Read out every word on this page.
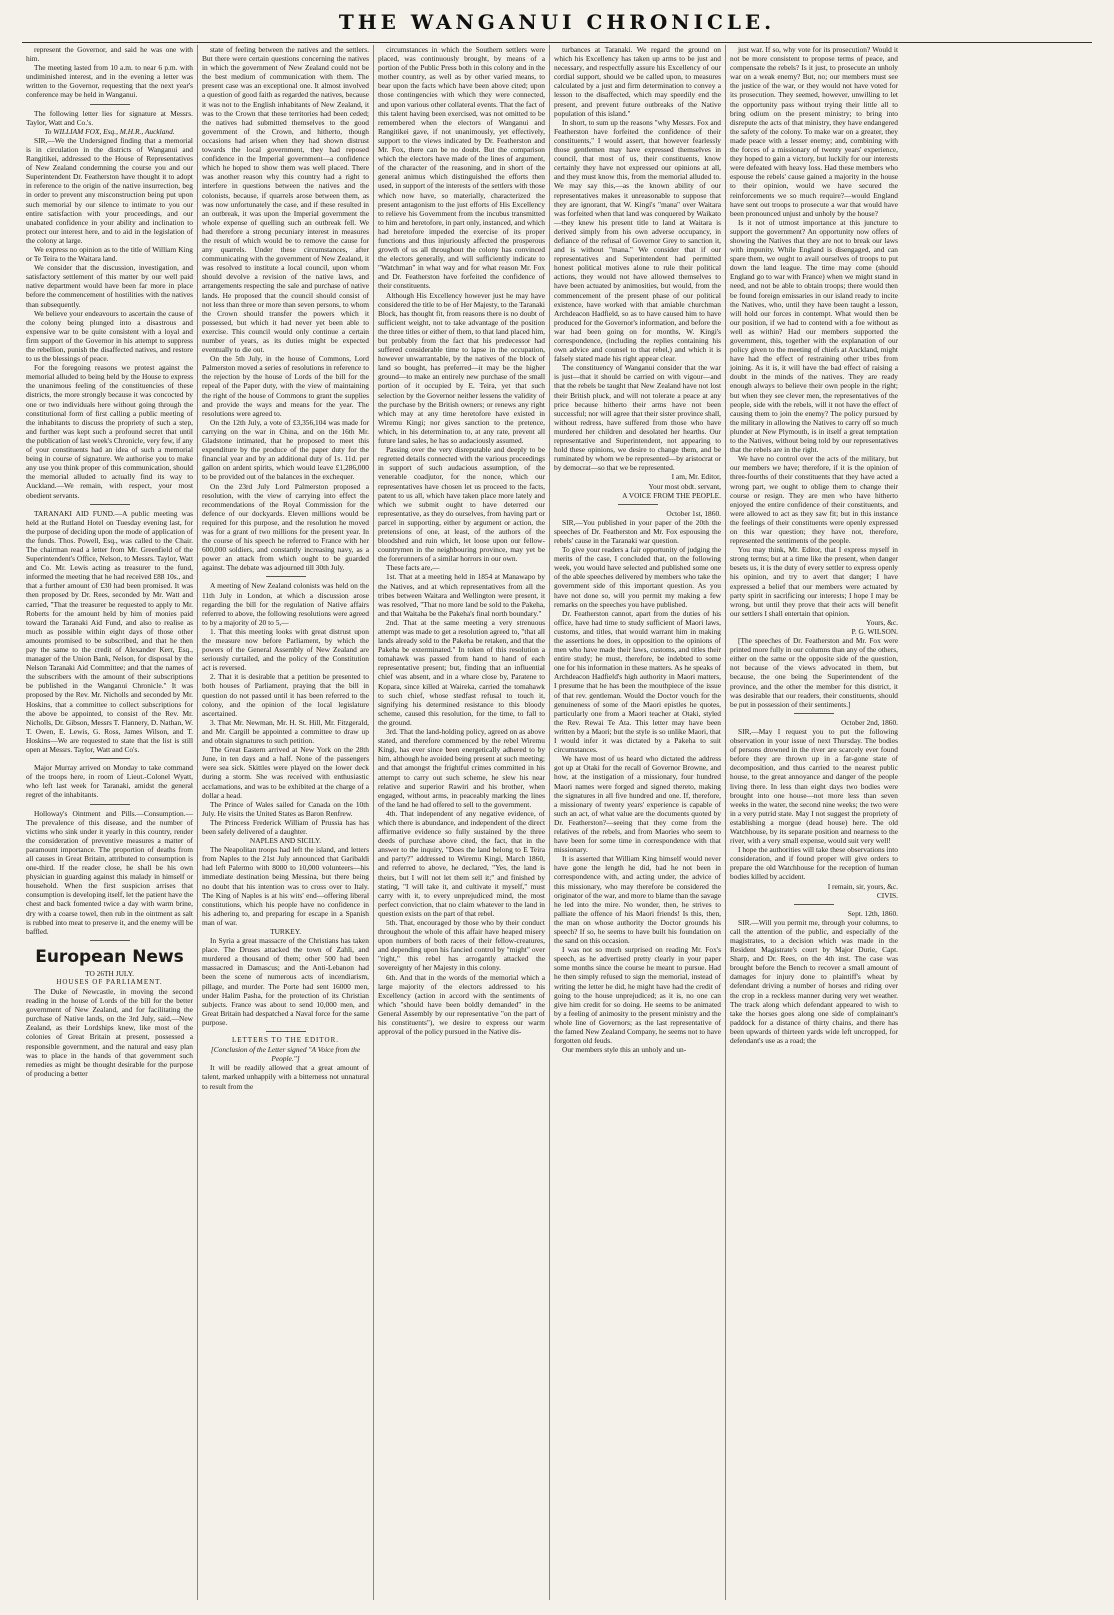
THE WANGANUI CHRONICLE.

represent the Governor, and said he was one with him.

The meeting lasted from 10 a.m. to near 6 p.m. with undiminished interest, and in the evening a letter was written to the Governor, requesting that the next year's conference may be held in Wanganui.

The following letter lies for signature at Messrs. Taylor, Watt and Co.'s.

To WILLIAM FOX, Esq., M.H.R., Auckland.

SIR,—We the Undersigned finding that a memorial is in circulation in the districts of Wanganui and Rangitikei, addressed to the House of Representatives of New Zealand condemning the course you and our Superintendent Dr. Featherston have thought it to adopt in reference to the origin of the native insurrection, beg in order to prevent any misconstruction being put upon such memorial by our silence to intimate to you our entire satisfaction with your proceedings, and our unabated confidence in your ability and inclination to protect our interest here, and to aid in the legislation of the colony at large.

We express no opinion as to the title of William King or Te Teira to the Waitara land.

We consider that the discussion, investigation, and satisfactory settlement of this matter by our well paid native department would have been far more in place before the commencement of hostilities with the natives than subsequently.

We believe your endeavours to ascertain the cause of the colony being plunged into a disastrous and expensive war to be quite consistent with a loyal and firm support of the Governor in his attempt to suppress the rebellion, punish the disaffected natives, and restore to us the blessings of peace.

For the foregoing reasons we protest against the memorial alluded to being held by the House to express the unanimous feeling of the constituencies of these districts, the more strongly because it was concocted by one or two individuals here without going through the constitutional form of first calling a public meeting of the inhabitants to discuss the propriety of such a step, and further was kept such a profound secret that until the publication of last week's Chronicle, very few, if any of your constituents had an idea of such a memorial being in course of signature. We authorise you to make any use you think proper of this communication, should the memorial alluded to actually find its way to Auckland.—We remain, with respect, your most obedient servants.

TARANAKI AID FUND.—A public meeting was held at the Rutland Hotel on Tuesday evening last, for the purpose of deciding upon the mode of application of the funds. Thos. Powell, Esq., was called to the Chair. The chairman read a letter from Mr. Greenfield of the Superintendent's Office, Nelson, to Messrs. Taylor, Watt and Co. Mr. Lewis acting as treasurer to the fund, informed the meeting that he had received £88 10s., and that a further amount of £30 had been promised. It was then proposed by Dr. Rees, seconded by Mr. Watt and carried, "That the treasurer be requested to apply to Mr. Roberts for the amount held by him of monies paid toward the Taranaki Aid Fund, and also to realise as much as possible within eight days of those other amounts promised to be subscribed, and that he then pay the same to the credit of Alexander Kerr, Esq., manager of the Union Bank, Nelson, for disposal by the Nelson Taranaki Aid Committee; and that the names of the subscribers with the amount of their subscriptions be published in the Wanganui Chronicle." It was proposed by the Rev. Mr. Nicholls and seconded by Mr. Hoskins, that a committee to collect subscriptions for the above be appointed, to consist of the Rev. Mr. Nicholls, Dr. Gibson, Messrs T. Flannery, D. Nathan, W. T. Owen, E. Lewis, G. Ross, James Wilson, and T. Hoskins—We are requested to state that the list is still open at Messrs. Taylor, Watt and Co's.

Major Murray arrived on Monday to take command of the troops here, in room of Lieut.-Colonel Wyatt, who left last week for Taranaki, amidst the general regret of the inhabitants.

Holloway's Ointment and Pills.—Consumption.—The prevalence of this disease, and the number of victims who sink under it yearly in this country, render the consideration of preventive measures a matter of paramount importance. The proportion of deaths from all causes in Great Britain, attributed to consumption is one-third. If the reader close, he shall be his own physician in guarding against this malady in himself or household. When the first suspicion arrises that consumption is developing itself, let the patient have the chest and back fomented twice a day with warm brine, dry with a coarse towel, then rub in the ointment as salt is rubbed into meat to preserve it, and the enemy will be baffled.

European News

TO 26TH JULY.

HOUSES OF PARLIAMENT.

The Duke of Newcastle, in moving the second reading in the house of Lords of the bill for the better government of New Zealand, and for facilitating the purchase of Native lands, on the 3rd July, said,—New Zealand, as their Lordships knew, like most of the colonies of Great Britain at present, possessed a responsible government, and the natural and easy plan was to place in the hands of that government such remedies as might be thought desirable for the purpose of producing a better

state of feeling between the natives and the settlers. But there were certain questions concerning the natives in which the government of New Zealand could not be the best medium of communication with them. The present case was an exceptional one. It almost involved a question of good faith as regarded the natives, because it was not to the English inhabitants of New Zealand, it was to the Crown that these territories had been ceded; the natives had submitted themselves to the good government of the Crown, and hitherto, though occasions had arisen when they had shown distrust towards the local government, they had reposed confidence in the Imperial government—a confidence which he hoped to show them was well placed. There was another reason why this country had a right to interfere in questions between the natives and the colonists, because, if quarrels arose between them, as was now unfortunately the case, and if these resulted in an outbreak, it was upon the Imperial government the whole expense of quelling such an outbreak fell. We had therefore a strong pecuniary interest in measures the result of which would be to remove the cause for any quarrels. Under these circumstances, after communicating with the government of New Zealand, it was resolved to institute a local council, upon whom should devolve a revision of the native laws, and arrangements respecting the sale and purchase of native lands. He proposed that the council should consist of not less than three or more than seven persons, to whom the Crown should transfer the powers which it possessed, but which it had never yet been able to exercise. This council would only continue a certain number of years, as its duties might be expected eventually to die out.

On the 5th July, in the house of Commons, Lord Palmerston moved a series of resolutions in reference to the rejection by the house of Lords of the bill for the repeal of the Paper duty, with the view of maintaining the right of the house of Commons to grant the supplies and provide the ways and means for the year. The resolutions were agreed to.

On the 12th July, a vote of £3,356,104 was made for carrying on the war in China, and on the 16th Mr. Gladstone intimated, that he proposed to meet this expenditure by the produce of the paper duty for the financial year and by an additional duty of 1s. 11d. per gallon on ardent spirits, which would leave £1,286,000 to be provided out of the balances in the exchequer.

On the 23rd July Lord Palmerston proposed a resolution, with the view of carrying into effect the recommendations of the Royal Commission for the defence of our dockyards. Eleven millions would be required for this purpose, and the resolution he moved was for a grant of two millions for the present year. In the course of his speech he referred to France with her 600,000 soldiers, and constantly increasing navy, as a power an attack from which ought to be guarded against. The debate was adjourned till 30th July.

A meeting of New Zealand colonists was held on the 11th July in London, at which a discussion arose regarding the bill for the regulation of Native affairs referred to above, the following resolutions were agreed to by a majority of 20 to 5,—

1. That this meeting looks with great distrust upon the measure now before Parliament, by which the powers of the General Assembly of New Zealand are seriously curtailed, and the policy of the Constitution act is reversed.

2. That it is desirable that a petition be presented to both houses of Parliament, praying that the bill in question do not passed until it has been referred to the colony, and the opinion of the local legislature ascertained.

3. That Mr. Newman, Mr. H. St. Hill, Mr. Fitzgerald, and Mr. Cargill be appointed a committee to draw up and obtain signatures to such petition.

The Great Eastern arrived at New York on the 28th June, in ten days and a half. None of the passengers were sea sick. Skittles were played on the lower deck during a storm. She was received with enthusiastic acclamations, and was to be exhibited at the charge of a dollar a head.

The Prince of Wales sailed for Canada on the 10th July. He visits the United States as Baron Renfrew.

The Princess Frederick William of Prussia has has been safely delivered of a daughter.

NAPLES AND SICILY.

The Neapolitan troops had left the island, and letters from Naples to the 21st July announced that Garibaldi had left Palermo with 8000 to 10,000 volunteers—his immediate destination being Messina, but there being no doubt that his intention was to cross over to Italy. The King of Naples is at his wits' end—offering liberal constitutions, which his people have no confidence in his adhering to, and preparing for escape in a Spanish man of war.

TURKEY.

In Syria a great massacre of the Christians has taken place. The Druses attacked the town of Zahli, and murdered a thousand of them; other 500 had been massacred in Damascus; and the Anti-Lebanon had been the scene of numerous acts of incendiarism, pillage, and murder. The Porte had sent 16000 men, under Halim Pasha, for the protection of its Christian subjects. France was about to send 10,000 men, and Great Britain had despatched a Naval force for the same purpose.

LETTERS TO THE EDITOR.

[Conclusion of the Letter signed "A Voice from the People."]

It will be readily allowed that a great amount of talent, marked unhappily with a bitterness not unnatural to result from the

circumstances in which the Southern settlers were placed, was continuously brought, by means of a portion of the Public Press both in this colony and in the mother country, as well as by other varied means, to bear upon the facts which have been above cited; upon those contingencies with which they were connected, and upon various other collateral events. That the fact of this talent having been exercised, was not omitted to be remembered when the electors of Wanganui and Rangitikei gave, if not unanimously, yet effectively, support to the views indicated by Dr. Featherston and Mr. Fox, there can be no doubt. But the comparison which the electors have made of the lines of argument, of the character of the reasoning, and in short of the general animus which distinguished the efforts then used, in support of the interests of the settlers with those which now have, so materially, characterized the present antagonism to the just efforts of His Excellency to relieve his Government from the incubus transmitted to him and heretofore, in part only, instanced, and which had heretofore impeded the exercise of its proper functions and thus injuriously affected the prosperous growth of us all throughout the colony has convinced the electors generally, and will sufficiently indicate to "Watchman" in what way and for what reason Mr. Fox and Dr. Featherston have forfeited the confidence of their constituents.

Although His Excellency however just he may have considered the title to be of Her Majesty, to the Taranaki Block, has thought fit, from reasons there is no doubt of sufficient weight, not to take advantage of the position the three titles or either of them, to that land placed him, but probably from the fact that his predecessor had suffered considerable time to lapse in the occupation, however unwarrantable, by the natives of the block of land so bought, has preferred—it may be the higher ground—to make an entirely new purchase of the small portion of it occupied by E. Teira, yet that such selection by the Governor neither lessens the validity of the purchase by the British owners; or renews any right which may at any time heretofore have existed in Wiremu Kingi; nor gives sanction to the pretence, which, in his determination to, at any rate, prevent all future land sales, he has so audaciously assumed.

Passing over the very disreputable and deeply to be regretted details connected with the various proceedings in support of such audacious assumption, of the venerable coadjutor, for the nonce, which our representatives have chosen let us proceed to the facts, patent to us all, which have taken place more lately and which we submit ought to have deterred our representative, as they do ourselves, from having part or parcel in supporting, either by argument or action, the pretensions of one, at least, of the authors of the bloodshed and ruin which, let loose upon our fellow-countrymen in the neighbouring province, may yet be the forerunners of a similar horrors in our own.

These facts are,—

1st. That at a meeting held in 1854 at Manawapo by the Natives, and at which representatives from all the tribes between Waitara and Wellington were present, it was resolved, "That no more land be sold to the Pakeha, and that Waitaha be the Pakeha's final north boundary."

2nd. That at the same meeting a very strenuous attempt was made to get a resolution agreed to, "that all lands already sold to the Pakeha be retaken, and that the Pakeha be exterminated." In token of this resolution a tomahawk was passed from hand to hand of each representative present; but, finding that an influential chief was absent, and in a whare close by, Paratene to Kopara, since killed at Waireka, carried the tomahawk to such chief, whose stedfast refusal to touch it, signifying his determined resistance to this bloody scheme, caused this resolution, for the time, to fall to the ground.

3rd. That the land-holding policy, agreed on as above stated, and therefore commenced by the rebel Wiremu Kingi, has ever since been energetically adhered to by him, although he avoided being present at such meeting; and that amongst the frightful crimes committed in his attempt to carry out such scheme, he slew his near relative and superior Rawiri and his brother, when engaged, without arms, in peaceably marking the lines of the land he had offered to sell to the government.

4th. That independent of any negative evidence, of which there is abundance, and independent of the direct affirmative evidence so fully sustained by the three deeds of purchase above cited, the fact, that in the answer to the inquiry, "Does the land belong to E Teira and party?" addressed to Wiremu Kingi, March 1860, and referred to above, he declared, "Yes, the land is theirs, but I will not let them sell it;" and finished by stating, "I will take it, and cultivate it myself," must carry with it, to every unprejudiced mind, the most perfect conviction, that no claim whatever to the land in question exists on the part of that rebel.

5th. That, encouraged by those who by their conduct throughout the whole of this affair have heaped misery upon numbers of both races of their fellow-creatures, and depending upon his fancied control by "might" over "right," this rebel has arrogantly attacked the sovereignty of her Majesty in this colony.

6th. And that in the words of the memorial which a large majority of the electors addressed to his Excellency (action in accord with the sentiments of which "should have been boldly demanded" in the General Assembly by our representative "on the part of his constituents"), we desire to express our warm approval of the policy pursued in the Native dis-

turbances at Taranaki. We regard the ground on which his Excellency has taken up arms to be just and necessary, and respectfully assure his Excellency of our cordial support, should we be called upon, to measures calculated by a just and firm determination to convey a lesson to the disaffected, which may speedily end the present, and prevent future outbreaks of the Native population of this island."

In short, to sum up the reasons "why Messrs. Fox and Featherston have forfeited the confidence of their constituents," I would assert, that however fearlessly those gentlemen may have expressed themselves in council, that most of us, their constituents, know certainly they have not expressed our opinions at all, and they must know this, from the memorial alluded to. We may say this,—as the known ability of our representatives makes it unreasonable to suppose that they are ignorant, that W. Kingi's "mana" over Waitara was forfeited when that land was conquered by Waikato—they knew his present title to land at Waitara is derived simply from his own adverse occupancy, in defiance of the refusal of Governor Grey to sanction it, and is without "mana." We consider that if our representatives and Superintendent had permitted honest political motives alone to rule their political actions, they would not have allowed themselves to have been actuated by animosities, but would, from the commencement of the present phase of our political existence, have worked with that amiable churchman Archdeacon Hadfield, so as to have caused him to have produced for the Governor's information, and before the war had been going on for months, W. Kingi's correspondence, (including the replies containing his own advice and counsel to that rebel,) and which it is falsely stated made his right appear clear.

The constituency of Wanganui consider that the war is just—that it should be carried on with vigour—and that the rebels be taught that New Zealand have not lost their British pluck, and will not tolerate a peace at any price because hitherto their arms have not been successful; nor will agree that their sister province shall, without redress, have suffered from those who have murdered her children and desolated her hearths. Our representative and Superintendent, not appearing to hold these opinions, we desire to change them, and be ruminated by whom we be represented—by aristocrat or by democrat—so that we be represented.

I am, Mr. Editor,

Your most obdt. servant,

A VOICE FROM THE PEOPLE.

October 1st, 1860.

SIR,—You published in your paper of the 20th the speeches of Dr. Featherston and Mr. Fox espousing the rebels' cause in the Taranaki war question.

To give your readers a fair opportunity of judging the merits of the case, I concluded that, on the following week, you would have selected and published some one of the able speeches delivered by members who take the government side of this important question. As you have not done so, will you permit my making a few remarks on the speeches you have published.

Dr. Featherston cannot, apart from the duties of his office, have had time to study sufficient of Maori laws, customs, and titles, that would warrant him in making the assertions he does, in opposition to the opinions of men who have made their laws, customs, and titles their entire study; he must, therefore, be indebted to some one for his information in these matters. As he speaks of Archdeacon Hadfield's high authority in Maori matters, I presume that he has been the mouthpiece of the issue of that rev. gentleman. Would the Doctor vouch for the genuineness of some of the Maori epistles he quotes, particularly one from a Maori teacher at Otaki, styled the Rev. Rewai Te Ata. This letter may have been written by a Maori; but the style is so unlike Maori, that I would infer it was dictated by a Pakeha to suit circumstances.

We have most of us heard who dictated the address got up at Otaki for the recall of Governor Browne, and how, at the instigation of a missionary, four hundred Maori names were forged and signed thereto, making the signatures in all five hundred and one. If, therefore, a missionary of twenty years' experience is capable of such an act, of what value are the documents quoted by Dr. Featherston?—seeing that they come from the relatives of the rebels, and from Maories who seem to have been for some time in correspondence with that missionary.

It is asserted that William King himself would never have gone the length he did, had he not been in correspondence with, and acting under, the advice of this missionary, who may therefore be considered the originator of the war, and more to blame than the savage he led into the mire. No wonder, then, he strives to palliate the offence of his Maori friends! Is this, then, the man on whose authority the Doctor grounds his speech? If so, he seems to have built his foundation on the sand on this occasion.

I was not so much surprised on reading Mr. Fox's speech, as he advertised pretty clearly in your paper some months since the course he meant to pursue. Had he then simply refused to sign the memorial, instead of writing the letter he did, he might have had the credit of going to the house unprejudiced; as it is, no one can give him credit for so doing. He seems to be animated by a feeling of animosity to the present ministry and the whole line of Governors; as the last representative of the famed New Zealand Company, he seems not to have forgotten old feuds.

Our members style this an unholy and un-

just war. If so, why vote for its prosecution? Would it not be more consistent to propose terms of peace, and compensate the rebels? Is it just, to prosecute an unholy war on a weak enemy? But, no; our members must see the justice of the war, or they would not have voted for its prosecution. They seemed, however, unwilling to let the opportunity pass without trying their little all to bring odium on the present ministry; to bring into disrepute the acts of that ministry, they have endangered the safety of the colony. To make war on a greater, they made peace with a lesser enemy; and, combining with the forces of a missionary of twenty years' experience, they hoped to gain a victory, but luckily for our interests were defeated with heavy loss. Had these members who espouse the rebels' cause gained a majority in the house to their opinion, would we have secured the reinforcements we so much require?—would England have sent out troops to prosecute a war that would have been pronounced unjust and unholy by the house?

Is it not of utmost importance at this juncture to support the government? An opportunity now offers of showing the Natives that they are not to break our laws with impunity. While England is disengaged, and can spare them, we ought to avail ourselves of troops to put down the land league. The time may come (should England go to war with France) when we might stand in need, and not be able to obtain troops; there would then be found foreign emissaries in our island ready to incite the Natives, who, until they have been taught a lesson, will hold our forces in contempt. What would then be our position, if we had to contend with a foe without as well as within? Had our members supported the government, this, together with the explanation of our policy given to the meeting of chiefs at Auckland, might have had the effect of restraining other tribes from joining. As it is, it will have the bad effect of raising a doubt in the minds of the natives. They are ready enough always to believe their own people in the right; but when they see clever men, the representatives of the people, side with the rebels, will it not have the effect of causing them to join the enemy? The policy pursued by the military in allowing the Natives to carry off so much plunder at New Plymouth, is in itself a great temptation to the Natives, without being told by our representatives that the rebels are in the right.

We have no control over the acts of the military, but our members we have; therefore, if it is the opinion of three-fourths of their constituents that they have acted a wrong part, we ought to oblige them to change their course or resign. They are men who have hitherto enjoyed the entire confidence of their constituents, and were allowed to act as they saw fit; but in this instance the feelings of their constituents were openly expressed on this war question; they have not, therefore, represented the sentiments of the people.

You may think, Mr. Editor, that I express myself in strong terms; but at a time like the present, when danger besets us, it is the duty of every settler to express openly his opinion, and try to avert that danger; I have expressed a belief that our members were actuated by party spirit in sacrificing our interests; I hope I may be wrong, but until they prove that their acts will benefit our settlers I shall entertain that opinion.

Yours, &c.

P. G. WILSON.

[The speeches of Dr. Featherston and Mr. Fox were printed more fully in our columns than any of the others, either on the same or the opposite side of the question, not because of the views advocated in them, but because, the one being the Superintendent of the province, and the other the member for this district, it was desirable that our readers, their constituents, should be put in possession of their sentiments.]

October 2nd, 1860.

SIR,—May I request you to put the following observation in your issue of next Thursday. The bodies of persons drowned in the river are scarcely ever found before they are thrown up in a far-gone state of decomposition, and thus carried to the nearest public house, to the great annoyance and danger of the people living there. In less than eight days two bodies were brought into one house—not more less than seven weeks in the water, the second nine weeks; the two were in a very putrid state. May I not suggest the propriety of establishing a morgue (dead house) here. The old Watchhouse, by its separate position and nearness to the river, with a very small expense, would suit very well!

I hope the authorities will take these observations into consideration, and if found proper will give orders to prepare the old Watchhouse for the reception of human bodies killed by accident.

I remain, sir, yours, &c.

CIVIS.

Sept. 12th, 1860.

SIR.—Will you permit me, through your columns, to call the attention of the public, and especially of the magistrates, to a decision which was made in the Resident Magistrate's court by Major Durie, Capt. Sharp, and Dr. Rees, on the 4th inst. The case was brought before the Bench to recover a small amount of damages for injury done to plaintiff's wheat by defendant driving a number of horses and riding over the crop in a reckless manner during very wet weather. The track along which defendant appeared to wish to take the horses goes along one side of complainant's paddock for a distance of thirty chains, and there has been upwards of thirteen yards wide left uncropped, for defendant's use as a road; the
